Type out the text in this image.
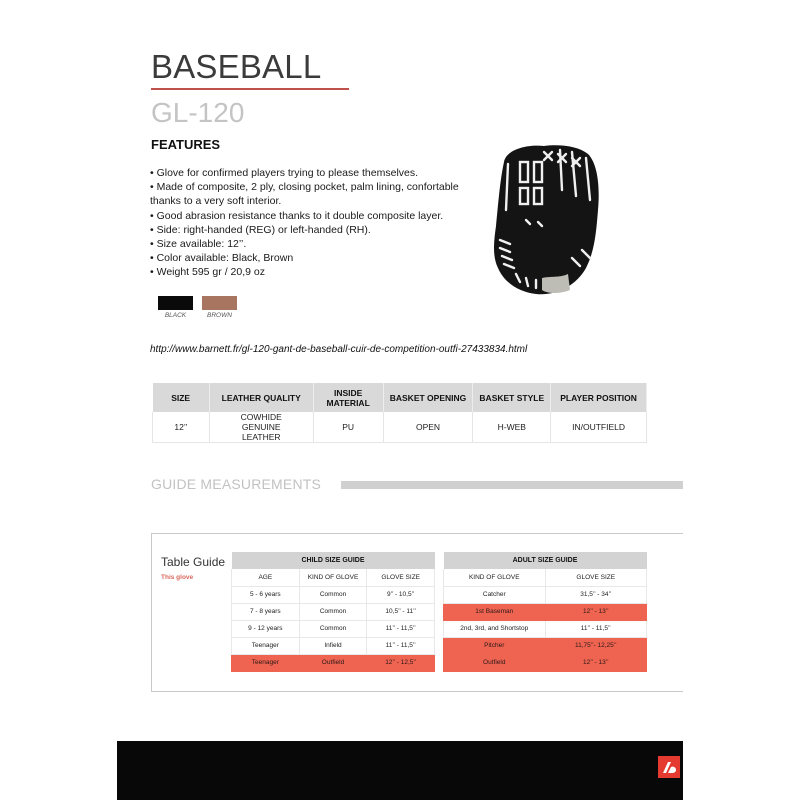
BASEBALL
GL-120
FEATURES
• Glove for confirmed players trying to please themselves.
• Made of composite, 2 ply, closing pocket, palm lining, confortable thanks to a very soft interior.
• Good abrasion resistance thanks to it double composite layer.
• Side: right-handed (REG) or left-handed (RH).
• Size available: 12’’.
• Color available: Black, Brown
• Weight 595 gr / 20,9 oz
BLACK	BROWN
http://www.barnett.fr/gl-120-gant-de-baseball-cuir-de-competition-outfi-27433834.html
SIZE	LEATHER QUALITY	INSIDE MATERIAL	BASKET OPENING	BASKET STYLE	PLAYER POSITION
12’’	COWHIDE GENUINE LEATHER	PU	OPEN	H-WEB	IN/OUTFIELD
GUIDE MEASUREMENTS
Table Guide
This glove
CHILD SIZE GUIDE		
AGE	KIND OF GLOVE	GLOVE SIZE
5 - 6 years	Common	9’’ - 10,5’’
7 - 8 years	Common	10,5’’ - 11’’
9 - 12 years	Common	11’’ - 11,5’’
Teenager	Infield	11’’ - 11,5’’
Teenager	Outfield	12’’ - 12,5’’
ADULT SIZE GUIDE	
KIND OF GLOVE	GLOVE SIZE
Catcher	31,5’’ - 34’’
1st Baseman	12’’ - 13’’
2nd, 3rd, and Shortstop	11’’ - 11,5’’
Pitcher	11,75’’- 12,25’’
Outfield	12’’ - 13’’
